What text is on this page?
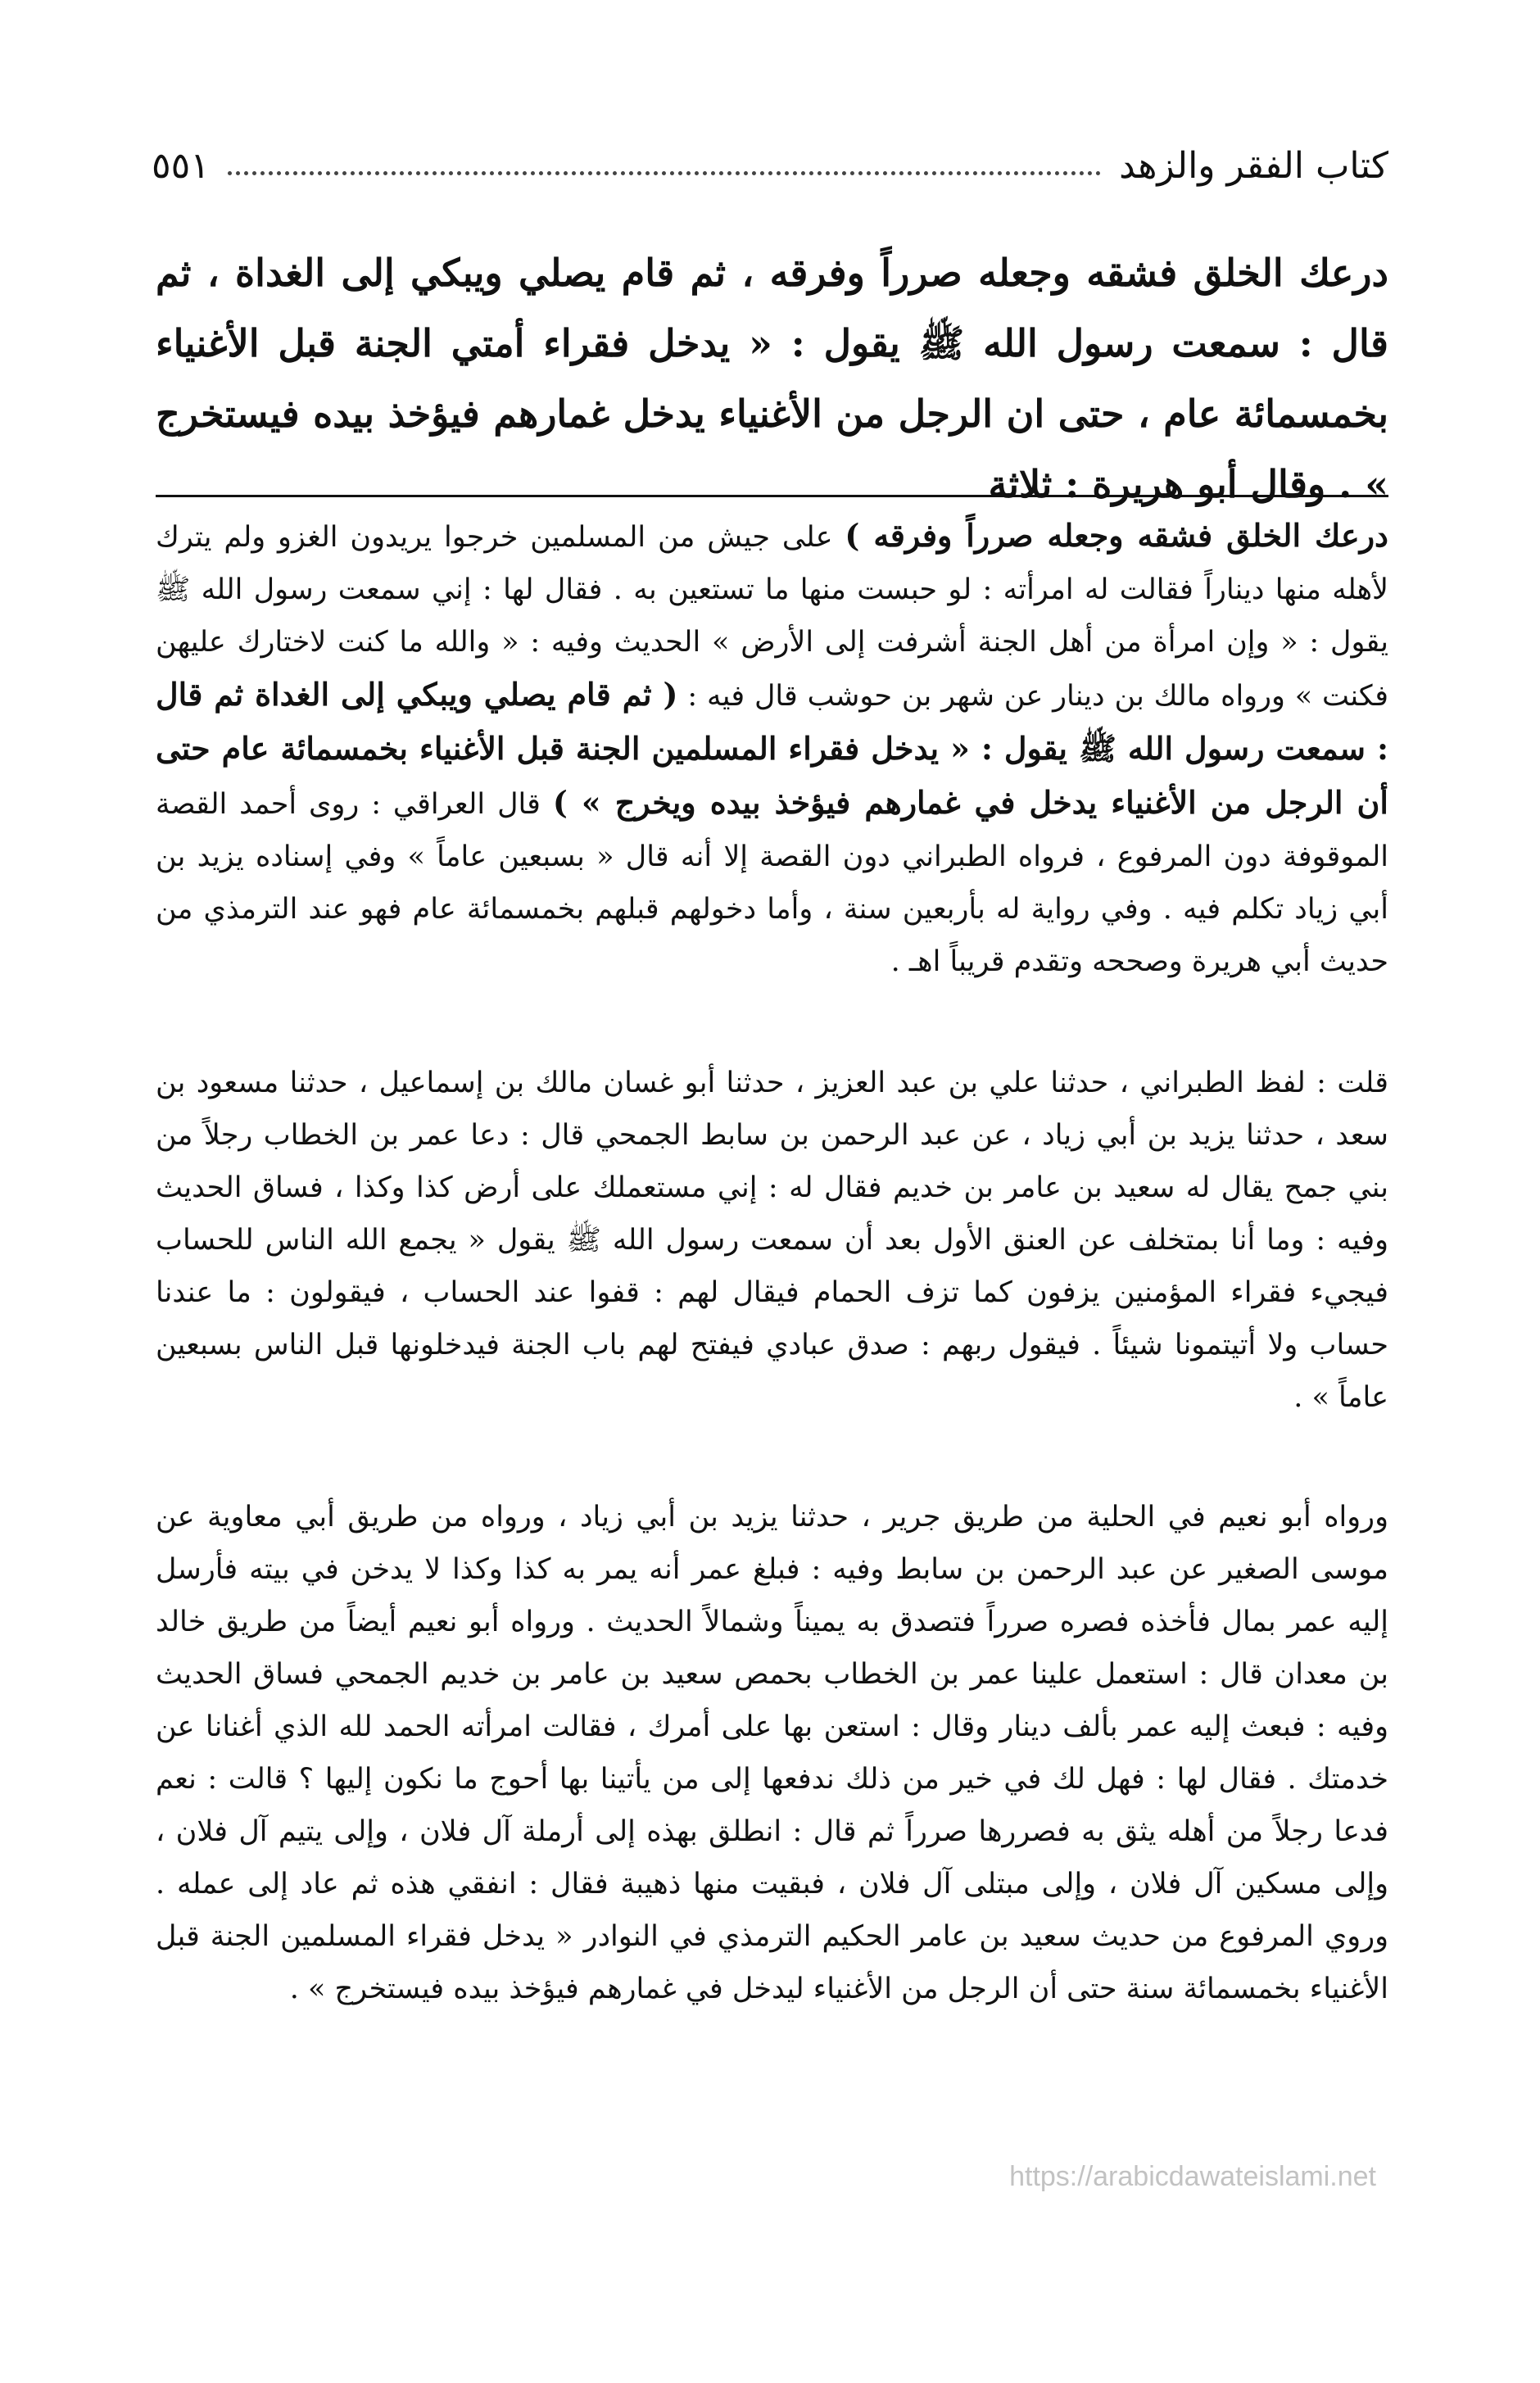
كتاب الفقر والزهد
٥٥١
درعك الخلق فشقه وجعله صرراً وفرقه ، ثم قام يصلي ويبكي إلى الغداة ، ثم قال : سمعت رسول الله ﷺ يقول : « يدخل فقراء أمتي الجنة قبل الأغنياء بخمسمائة عام ، حتى ان الرجل من الأغنياء يدخل غمارهم فيؤخذ بيده فيستخرج » . وقال أبو هريرة : ثلاثة
درعك الخلق فشقه وجعله صرراً وفرقه ) على جيش من المسلمين خرجوا يريدون الغزو ولم يترك لأهله منها ديناراً فقالت له امرأته : لو حبست منها ما تستعين به . فقال لها : إني سمعت رسول الله ﷺ يقول : « وإن امرأة من أهل الجنة أشرفت إلى الأرض » الحديث وفيه : « والله ما كنت لاختارك عليهن فكنت » ورواه مالك بن دينار عن شهر بن حوشب قال فيه : ( ثم قام يصلي ويبكي إلى الغداة ثم قال : سمعت رسول الله ﷺ يقول : « يدخل فقراء المسلمين الجنة قبل الأغنياء بخمسمائة عام حتى أن الرجل من الأغنياء يدخل في غمارهم فيؤخذ بيده ويخرج » ) قال العراقي : روى أحمد القصة الموقوفة دون المرفوع ، فرواه الطبراني دون القصة إلا أنه قال « بسبعين عاماً » وفي إسناده يزيد بن أبي زياد تكلم فيه . وفي رواية له بأربعين سنة ، وأما دخولهم قبلهم بخمسمائة عام فهو عند الترمذي من حديث أبي هريرة وصححه وتقدم قريباً اهـ .
قلت : لفظ الطبراني ، حدثنا علي بن عبد العزيز ، حدثنا أبو غسان مالك بن إسماعيل ، حدثنا مسعود بن سعد ، حدثنا يزيد بن أبي زياد ، عن عبد الرحمن بن سابط الجمحي قال : دعا عمر بن الخطاب رجلاً من بني جمح يقال له سعيد بن عامر بن خديم فقال له : إني مستعملك على أرض كذا وكذا ، فساق الحديث وفيه : وما أنا بمتخلف عن العنق الأول بعد أن سمعت رسول الله ﷺ يقول « يجمع الله الناس للحساب فيجيء فقراء المؤمنين يزفون كما تزف الحمام فيقال لهم : قفوا عند الحساب ، فيقولون : ما عندنا حساب ولا أتيتمونا شيئاً . فيقول ربهم : صدق عبادي فيفتح لهم باب الجنة فيدخلونها قبل الناس بسبعين عاماً » .
ورواه أبو نعيم في الحلية من طريق جرير ، حدثنا يزيد بن أبي زياد ، ورواه من طريق أبي معاوية عن موسى الصغير عن عبد الرحمن بن سابط وفيه : فبلغ عمر أنه يمر به كذا وكذا لا يدخن في بيته فأرسل إليه عمر بمال فأخذه فصره صرراً فتصدق به يميناً وشمالاً الحديث . ورواه أبو نعيم أيضاً من طريق خالد بن معدان قال : استعمل علينا عمر بن الخطاب بحمص سعيد بن عامر بن خديم الجمحي فساق الحديث وفيه : فبعث إليه عمر بألف دينار وقال : استعن بها على أمرك ، فقالت امرأته الحمد لله الذي أغنانا عن خدمتك . فقال لها : فهل لك في خير من ذلك ندفعها إلى من يأتينا بها أحوج ما نكون إليها ؟ قالت : نعم فدعا رجلاً من أهله يثق به فصررها صرراً ثم قال : انطلق بهذه إلى أرملة آل فلان ، وإلى يتيم آل فلان ، وإلى مسكين آل فلان ، وإلى مبتلى آل فلان ، فبقيت منها ذهيبة فقال : انفقي هذه ثم عاد إلى عمله . وروي المرفوع من حديث سعيد بن عامر الحكيم الترمذي في النوادر « يدخل فقراء المسلمين الجنة قبل الأغنياء بخمسمائة سنة حتى أن الرجل من الأغنياء ليدخل في غمارهم فيؤخذ بيده فيستخرج » .
https://arabicdawateislami.net
